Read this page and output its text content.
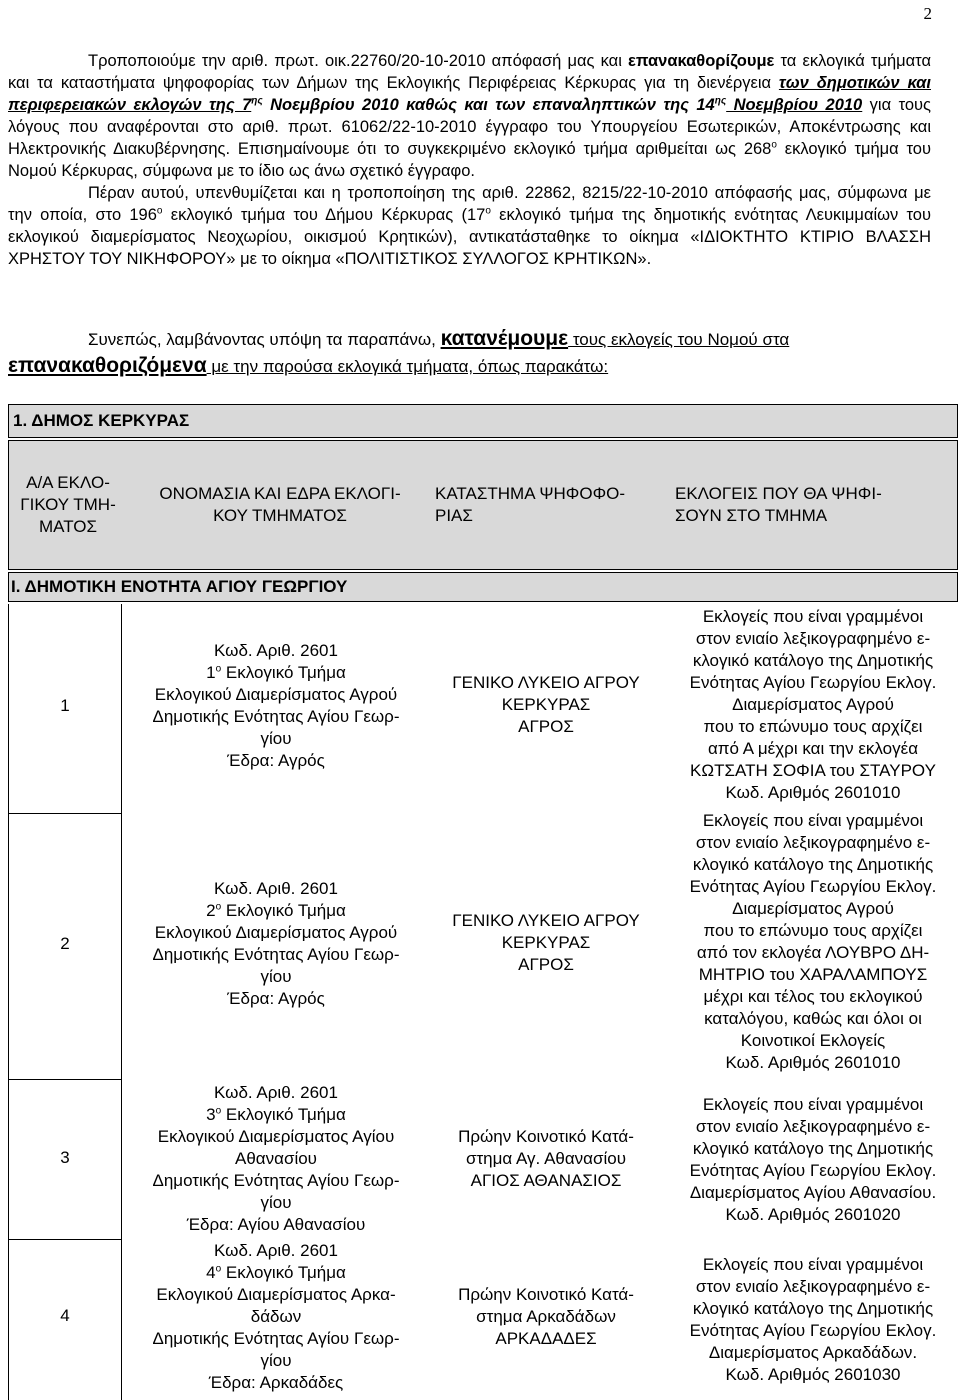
2

Τροποποιούμε την αριθ. πρωτ. οικ.22760/20-10-2010 απόφασή μας και επανακαθορίζουμε τα εκλογικά τμήματα και τα καταστήματα ψηφοφορίας των Δήμων της Εκλογικής Περιφέρειας Κέρκυρας για τη διενέργεια των δημοτικών και περιφερειακών εκλογών της $7^{\eta\varsigma}$ Νοεμβρίου 2010 καθώς και των επαναληπτικών της $14^{\eta\varsigma}$ Νοεμβρίου 2010 για τους λόγους που αναφέρονται στο αριθ. πρωτ. 61062/22-10-2010 έγγραφο του Υπουργείου Εσωτερικών, Αποκέντρωσης και Ηλεκτρονικής Διακυβέρνησης. Επισημαίνουμε ότι το συγκεκριμένο εκλογικό τμήμα αριθμείται ως $268^o$ εκλογικό τμήμα του Νομού Κέρκυρας, σύμφωνα με το ίδιο ως άνω σχετικό έγγραφο.

Πέραν αυτού, υπενθυμίζεται και η τροποποίηση της αριθ. 22862, 8215/22-10-2010 απόφασής μας, σύμφωνα με την οποία, στο $196^o$ εκλογικό τμήμα του Δήμου Κέρκυρας ($17^o$ εκλογικό τμήμα της δημοτικής ενότητας Λευκιμμαίων του εκλογικού διαμερίσματος Νεοχωρίου, οικισμού Κρητικών), αντικατάσταθηκε το οίκημα «ΙΔΙΟΚΤΗΤΟ ΚΤΙΡΙΟ ΒΛΑΣΣΗ ΧΡΗΣΤΟΥ ΤΟΥ ΝΙΚΗΦΟΡΟΥ» με το οίκημα «ΠΟΛΙΤΙΣΤΙΚΟΣ ΣΥΛΛΟΓΟΣ ΚΡΗΤΙΚΩΝ».

Συνεπώς, λαμβάνοντας υπόψη τα παραπάνω, κατανέμουμε τους εκλογείς του Νομού στα
επανακαθοριζόμενα με την παρούσα εκλογικά τμήματα, όπως παρακάτω:
1. ΔΗΜΟΣ ΚΕΡΚΥΡΑΣ
Α/Α ΕΚΛΟ-
ΓΙΚΟΥ ΤΜΗ-
ΜΑΤΟΣ
ΟΝΟΜΑΣΙΑ ΚΑΙ ΕΔΡΑ ΕΚΛΟΓΙ-
ΚΟΥ ΤΜΗΜΑΤΟΣ
ΚΑΤΑΣΤΗΜΑ ΨΗΦΟΦΟ-
ΡΙΑΣ
ΕΚΛΟΓΕΙΣ ΠΟΥ ΘΑ ΨΗΦΙ-
ΣΟΥΝ ΣΤΟ ΤΜΗΜΑ
Ι. ΔΗΜΟΤΙΚΗ ΕΝΟΤΗΤΑ ΑΓΙΟΥ ΓΕΩΡΓΙΟΥ
1
Κωδ. Αριθ. 2601
$1^o$ Εκλογικό Τμήμα
Εκλογικού Διαμερίσματος Αγρού
Δημοτικής Ενότητας Αγίου Γεωρ-
γίου
Έδρα: Αγρός
ΓΕΝΙΚΟ ΛΥΚΕΙΟ ΑΓΡΟΥ
ΚΕΡΚΥΡΑΣ
ΑΓΡΟΣ
Εκλογείς που είναι γραμμένοι
στον ενιαίο λεξικογραφημένο ε-
κλογικό κατάλογο της Δημοτικής
Ενότητας Αγίου Γεωργίου Εκλογ.
Διαμερίσματος Αγρού
που το επώνυμο τους αρχίζει
από Α μέχρι και την εκλογέα
ΚΩΤΣΑΤΗ ΣΟΦΙΑ του ΣΤΑΥΡΟΥ
Κωδ. Αριθμός 2601010
2
Κωδ. Αριθ. 2601
$2^o$ Εκλογικό Τμήμα
Εκλογικού Διαμερίσματος Αγρού
Δημοτικής Ενότητας Αγίου Γεωρ-
γίου
Έδρα: Αγρός
ΓΕΝΙΚΟ ΛΥΚΕΙΟ ΑΓΡΟΥ
ΚΕΡΚΥΡΑΣ
ΑΓΡΟΣ
Εκλογείς που είναι γραμμένοι
στον ενιαίο λεξικογραφημένο ε-
κλογικό κατάλογο της Δημοτικής
Ενότητας Αγίου Γεωργίου Εκλογ.
Διαμερίσματος Αγρού
που το επώνυμο τους αρχίζει
από τον εκλογέα ΛΟΥΒΡΟ ΔΗ-
ΜΗΤΡΙΟ του ΧΑΡΑΛΑΜΠΟΥΣ
μέχρι και τέλος του εκλογικού
καταλόγου, καθώς και όλοι οι
Κοινοτικοί Εκλογείς
Κωδ. Αριθμός 2601010
3
Κωδ. Αριθ. 2601
$3^o$ Εκλογικό Τμήμα
Εκλογικού Διαμερίσματος Αγίου
Αθανασίου
Δημοτικής Ενότητας Αγίου Γεωρ-
γίου
Έδρα: Αγίου Αθανασίου
Πρώην Κοινοτικό Κατά-
στημα Αγ. Αθανασίου
ΑΓΙΟΣ ΑΘΑΝΑΣΙΟΣ
Εκλογείς που είναι γραμμένοι
στον ενιαίο λεξικογραφημένο ε-
κλογικό κατάλογο της Δημοτικής
Ενότητας Αγίου Γεωργίου Εκλογ.
Διαμερίσματος Αγίου Αθανασίου.
Κωδ. Αριθμός 2601020
4
Κωδ. Αριθ. 2601
$4^o$ Εκλογικό Τμήμα
Εκλογικού Διαμερίσματος Αρκα-
δάδων
Δημοτικής Ενότητας Αγίου Γεωρ-
γίου
Έδρα: Αρκαδάδες
Πρώην Κοινοτικό Κατά-
στημα Αρκαδάδων
ΑΡΚΑΔΑΔΕΣ
Εκλογείς που είναι γραμμένοι
στον ενιαίο λεξικογραφημένο ε-
κλογικό κατάλογο της Δημοτικής
Ενότητας Αγίου Γεωργίου Εκλογ.
Διαμερίσματος Αρκαδάδων.
Κωδ. Αριθμός 2601030
